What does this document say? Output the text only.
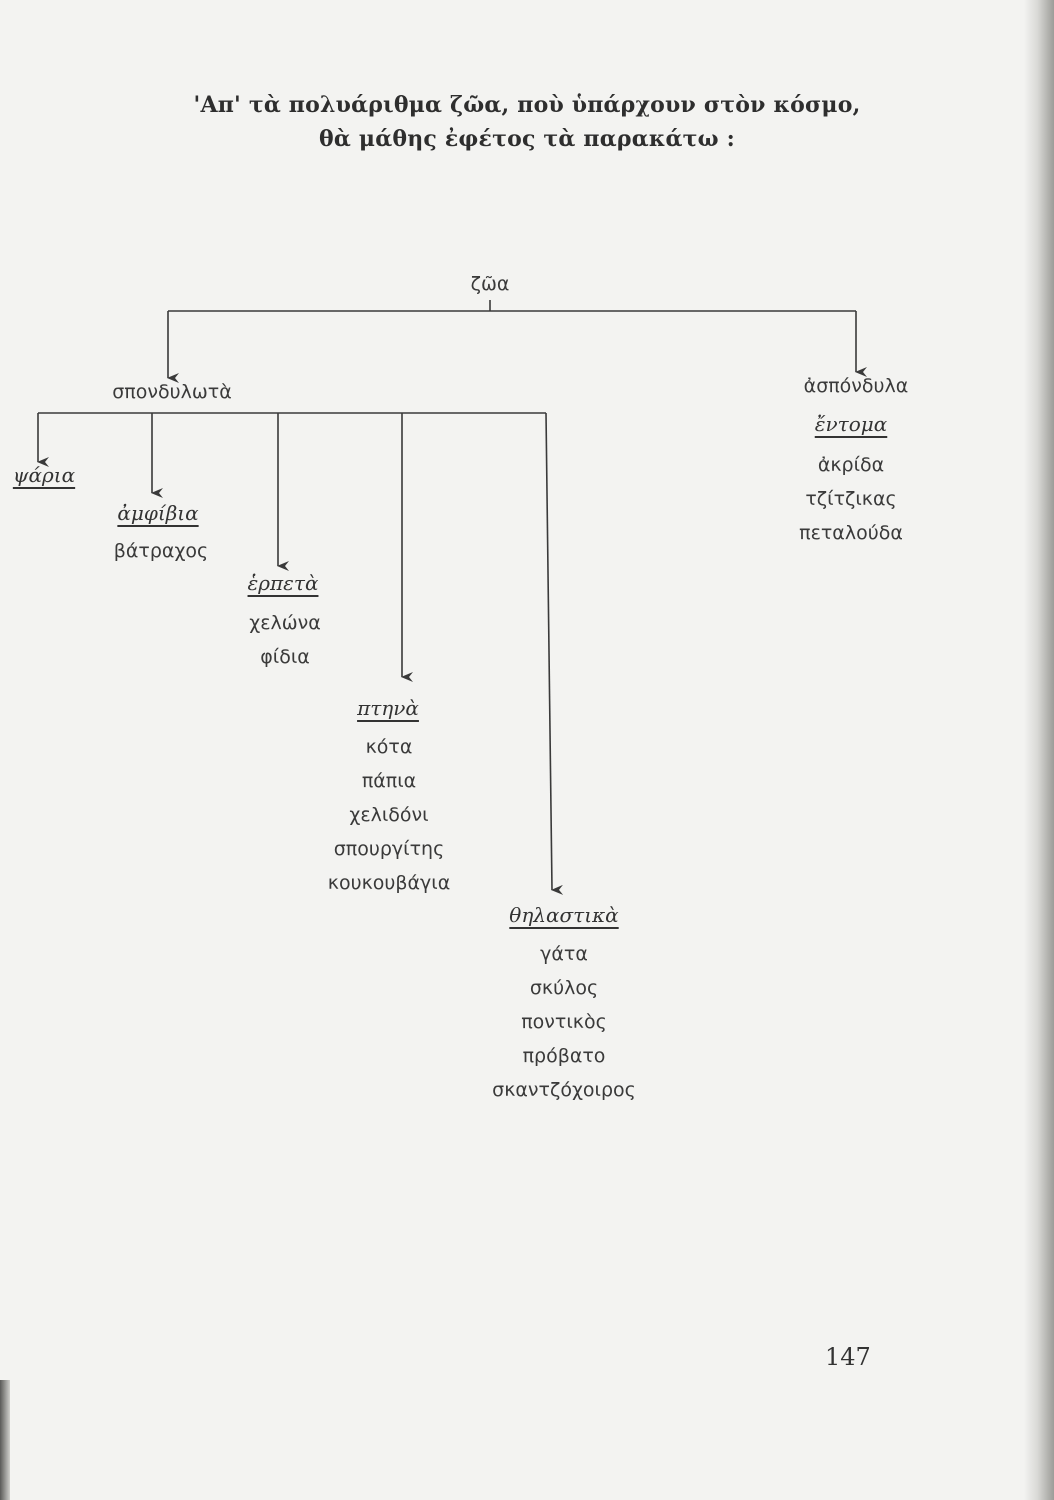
'Απ' τὰ πολυάριθμα ζῶα, ποὺ ὑπάρχουν στὸν κόσμο,
θὰ μάθης ἐφέτος τὰ παρακάτω :
ζῶα
σπονδυλωτὰ	ἀσπόνδυλα
ἔντομα
ἀκρίδα
τζίτζικας
πεταλούδα
ψάρια
ἀμφίβια
βάτραχος
ἑρπετὰ
χελώνα
φίδια
πτηνὰ
κότα
πάπια
χελιδόνι
σπουργίτης
κουκουβάγια
θηλαστικὰ
γάτα
σκύλος
ποντικὸς
πρόβατο
σκαντζόχοιρος
147
